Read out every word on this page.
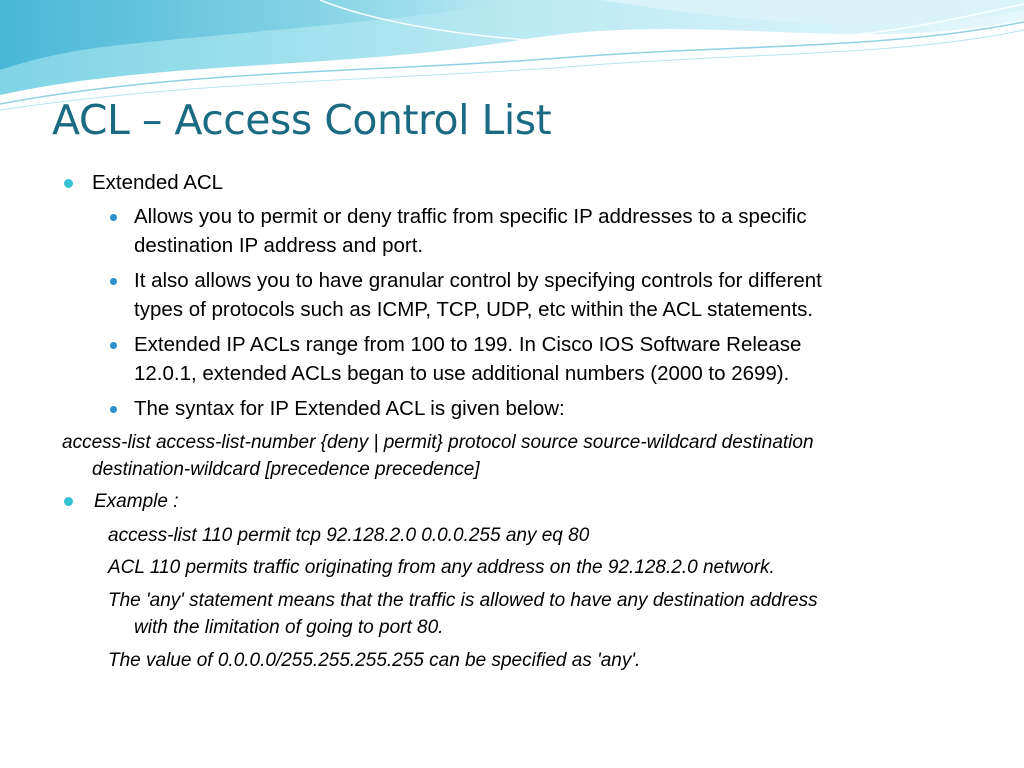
ACL – Access Control List
Extended ACL
Allows you to permit or deny traffic from specific IP addresses to a specific
destination IP address and port.
It also allows you to have granular control by specifying controls for different
types of protocols such as ICMP, TCP, UDP, etc within the ACL statements.
Extended IP ACLs range from 100 to 199. In Cisco IOS Software Release
12.0.1, extended ACLs began to use additional numbers (2000 to 2699).
The syntax for IP Extended ACL is given below:
access-list access-list-number {deny | permit} protocol source source-wildcard destination
destination-wildcard [precedence precedence]
Example :
access-list 110 permit tcp 92.128.2.0 0.0.0.255 any eq 80
ACL 110 permits traffic originating from any address on the 92.128.2.0 network.
The 'any' statement means that the traffic is allowed to have any destination address
with the limitation of going to port 80.
The value of 0.0.0.0/255.255.255.255 can be specified as 'any'.
